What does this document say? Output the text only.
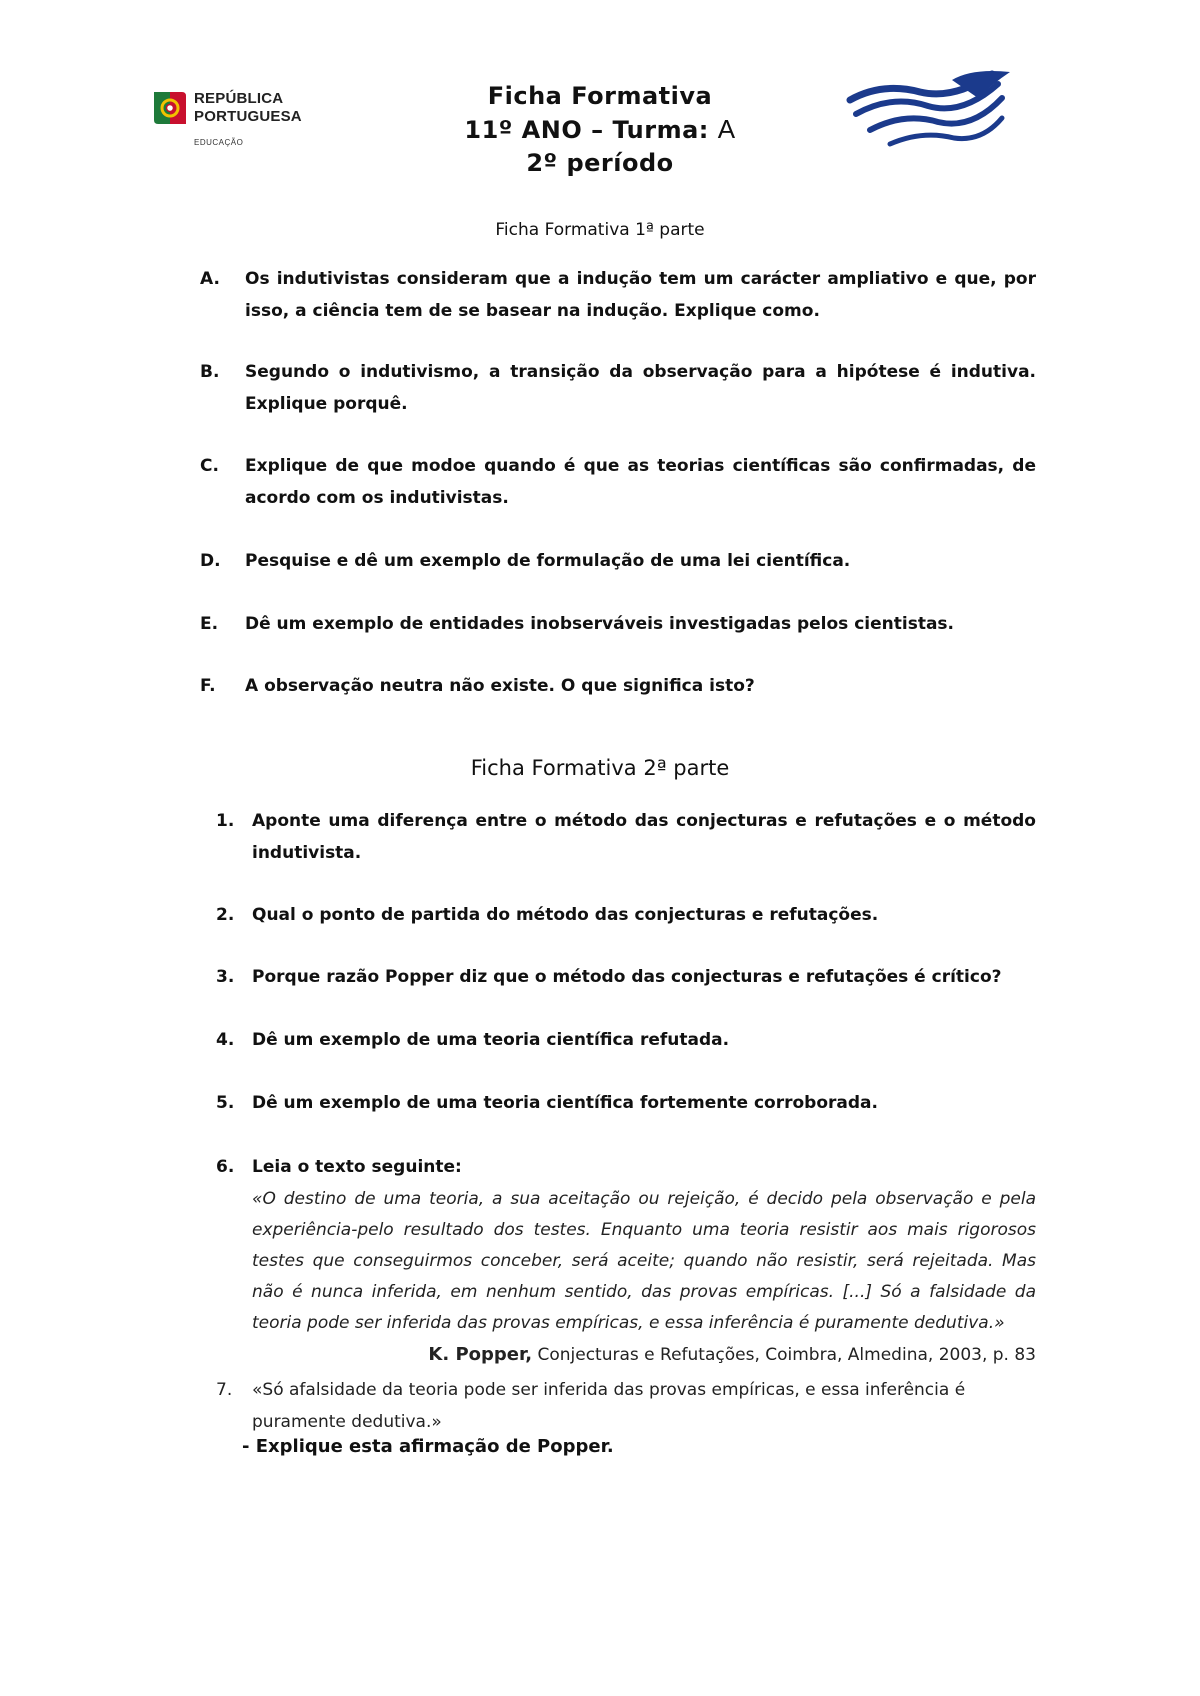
REPÚBLICA
PORTUGUESA
EDUCAÇÃO
Ficha Formativa
11º ANO – Turma: A
2º período
Ficha Formativa 1ª parte
A.	Os indutivistas consideram que a indução tem um carácter ampliativo e que, por isso, a ciência tem de se basear na indução. Explique como.
B.	Segundo o indutivismo, a transição da observação para a hipótese é indutiva. Explique porquê.
C.	Explique de que modoe quando é que as teorias científicas são confirmadas, de acordo com os indutivistas.
D.	Pesquise e dê um exemplo de formulação de uma lei científica.
E.	Dê um exemplo de entidades inobserváveis investigadas pelos cientistas.
F.	A observação neutra não existe. O que significa isto?
Ficha Formativa 2ª parte
1.	Aponte uma diferença entre o método das conjecturas e refutações e o método indutivista.
2.	Qual o ponto de partida do método das conjecturas e refutações.
3.	Porque razão Popper diz que o método das conjecturas e refutações é crítico?
4.	Dê um exemplo de uma teoria científica refutada.
5.	Dê um exemplo de uma teoria científica fortemente corroborada.
6.	Leia o texto seguinte:
«O destino de uma teoria, a sua aceitação ou rejeição, é decido pela observação e pela experiência-pelo resultado dos testes. Enquanto uma teoria resistir aos mais rigorosos testes que conseguirmos conceber, será aceite; quando não resistir, será rejeitada. Mas não é nunca inferida, em nenhum sentido, das provas empíricas. [...] Só a falsidade da teoria pode ser inferida das provas empíricas, e essa inferência é puramente dedutiva.»
K. Popper, Conjecturas e Refutações, Coimbra, Almedina, 2003, p. 83
7. «Só afalsidade da teoria pode ser inferida das provas empíricas, e essa inferência é puramente dedutiva.»
- Explique esta afirmação de Popper.
